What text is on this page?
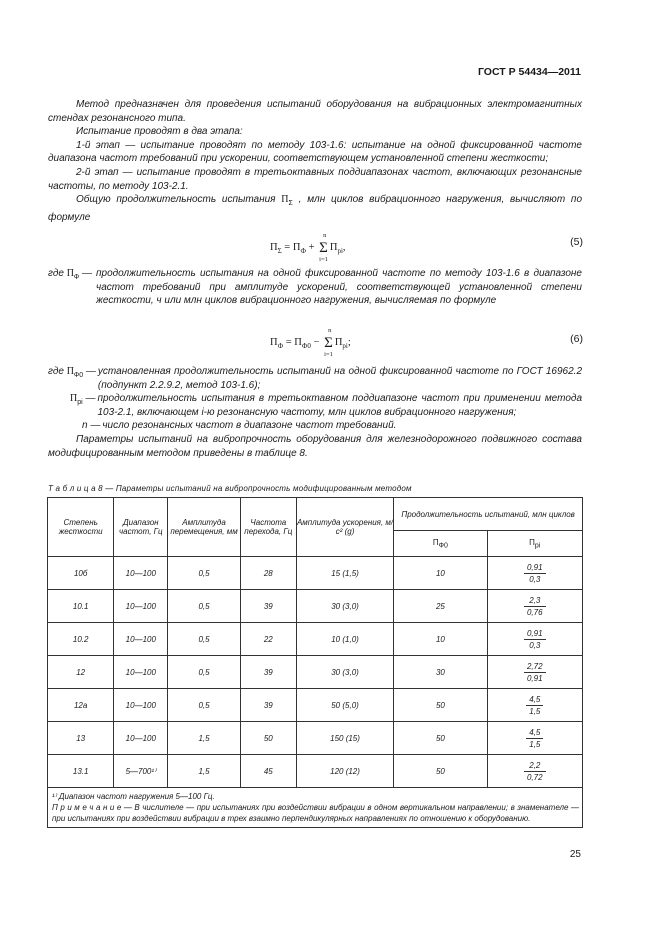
ГОСТ Р 54434—2011

Метод предназначен для проведения испытаний оборудования на вибрационных электромагнитных стендах резонансного типа.

Испытание проводят в два этапа:

1-й этап — испытание проводят по методу 103-1.6: испытание на одной фиксированной частоте диапазона частот требований при ускорении, соответствующем установленной степени жесткости;

2-й этап — испытание проводят в третьоктавных поддиапазонах частот, включающих резонансные частоты, по методу 103-2.1.

Общую продолжительность испытания $П_\Sigma$ , млн циклов вибрационного нагружения, вычисляют по формуле

$П_\Sigma = П_Ф$ +
n
Σ
i=1
$П_{pi}$,	(5)
где $П_Ф$ — продолжительность испытания на одной фиксированной частоте по методу 103-1.6 в диапазоне частот требований при амплитуде ускорений, соответствующей установленной степени жесткости, ч или млн циклов вибрационного нагружения, вычисляемая по формуле
$П_Ф = П_{Ф0}$ −
n
Σ
i=1
$П_{pi}$;	(6)
где $П_{Ф0}$ — установленная продолжительность испытаний на одной фиксированной частоте по ГОСТ 16962.2 (подпункт 2.2.9.2, метод 103-1.6);
$П_{pi}$ — продолжительность испытания в третьоктавном поддиапазоне частот при применении метода 103-2.1, включающем i-ю резонансную частоту, млн циклов вибрационного нагружения;
n — число резонансных частот в диапазоне частот требований.

Параметры испытаний на вибропрочность оборудования для железнодорожного подвижного состава модифицированным методом приведены в таблице 8.

Т а б л и ц а 8 — Параметры испытаний на вибропрочность модифицированным методом
Степень жесткости	Диапазон частот, Гц	Амплитуда перемещения, мм	Частота перехода, Гц	Амплитуда ускорения, м/с² (g)	Продолжительность испытаний, млн циклов	
					$П_{Ф0}$	$П_{pi}$
10б	10—100	0,5	28	15 (1,5)	10	$\frac{0,91}{0,3}$

10.1	10—100	0,5	39	30 (3,0)	25	$\frac{2,3}{0,76}$

10.2	10—100	0,5	22	10 (1,0)	10	$\frac{0,91}{0,3}$

12	10—100	0,5	39	30 (3,0)	30	$\frac{2,72}{0,91}$

12а	10—100	0,5	39	50 (5,0)	50	$\frac{4,5}{1,5}$

13	10—100	1,5	50	150 (15)	50	$\frac{4,5}{1,5}$

13.1	5—700¹⁾	1,5	45	120 (12)	50	$\frac{2,2}{0,72}$

¹⁾ Диапазон частот нагружения 5—100 Гц.
П р и м е ч а н и е — В числителе — при испытаниях при воздействии вибрации в одном вертикальном направлении; в знаменателе — при испытаниях при воздействии вибрации в трех взаимно перпендикулярных направлениях по отношению к оборудованию.						
25
